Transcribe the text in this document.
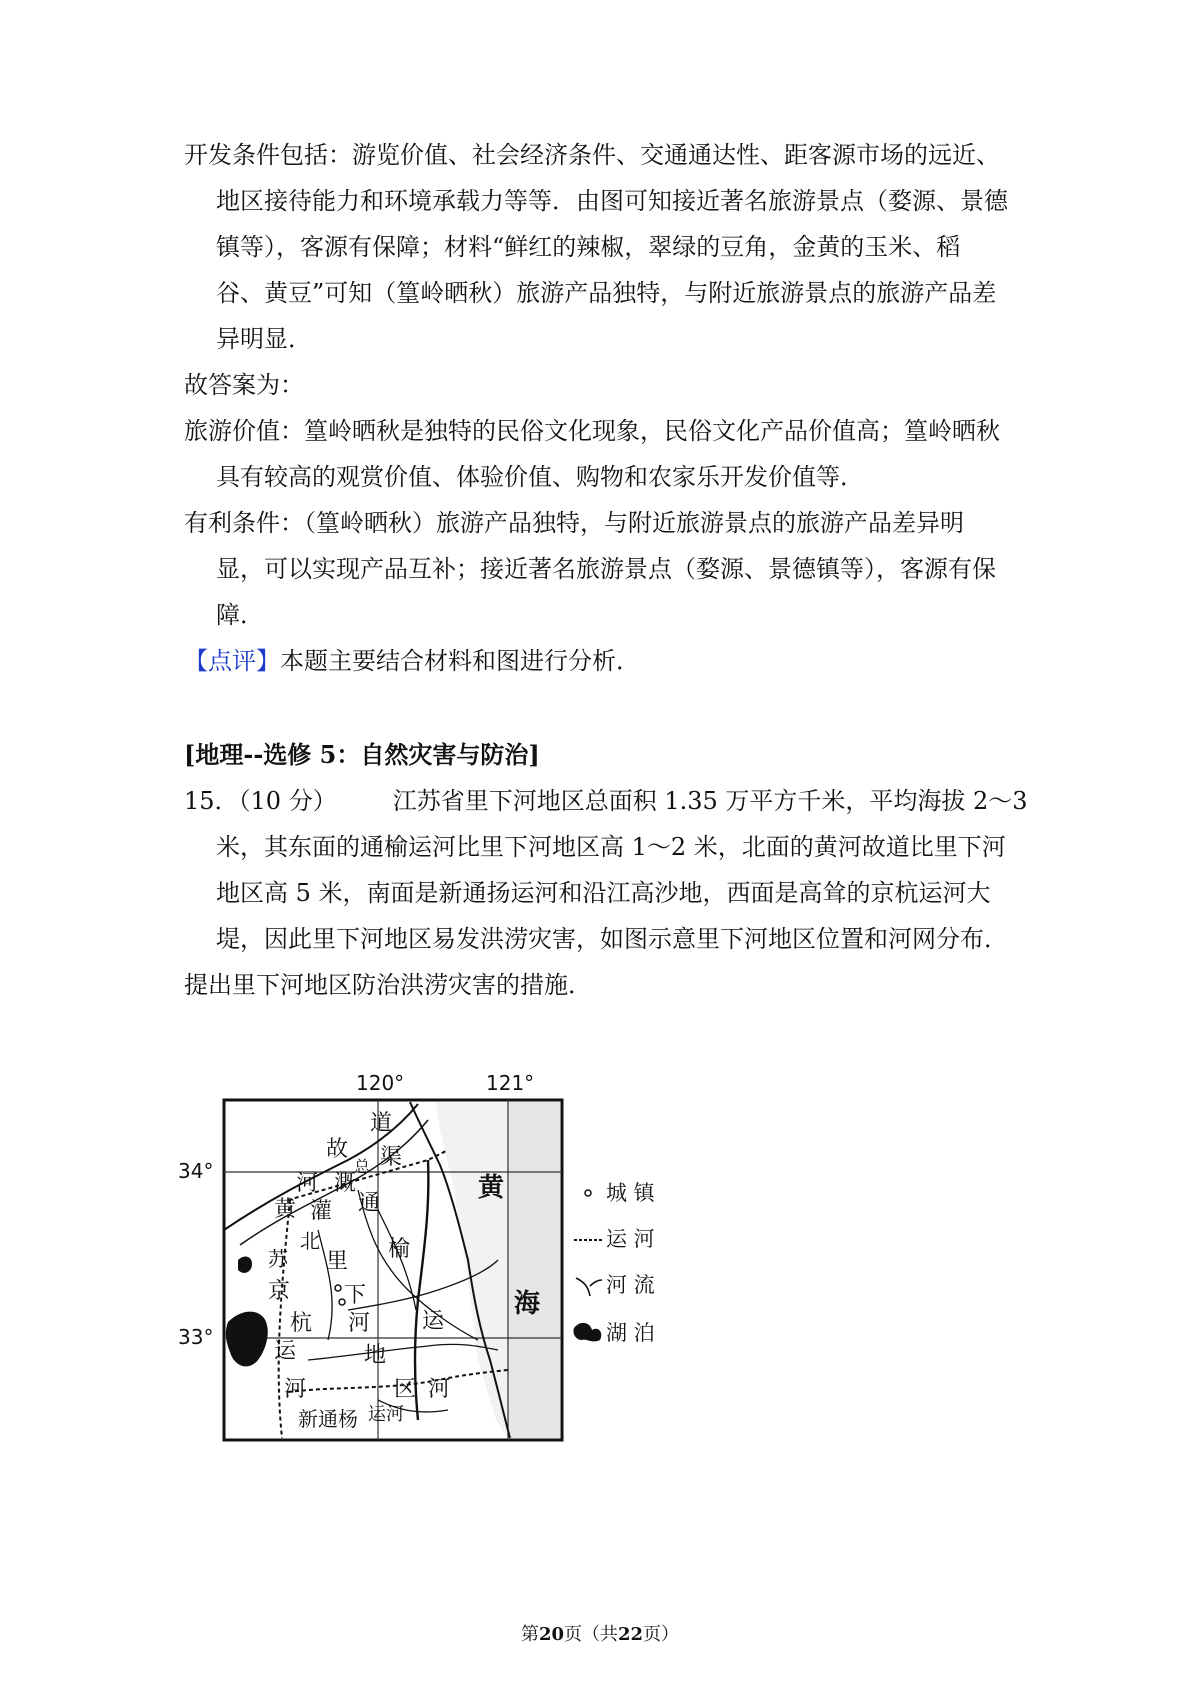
开发条件包括：游览价值、社会经济条件、交通通达性、距客源市场的远近、
地区接待能力和环境承载力等等．由图可知接近著名旅游景点（婺源、景德
镇等），客源有保障；材料“鲜红的辣椒，翠绿的豆角，金黄的玉米、稻
谷、黄豆”可知（篁岭晒秋）旅游产品独特，与附近旅游景点的旅游产品差
异明显．
故答案为：
旅游价值：篁岭晒秋是独特的民俗文化现象，民俗文化产品价值高；篁岭晒秋
具有较高的观赏价值、体验价值、购物和农家乐开发价值等．
有利条件：（篁岭晒秋）旅游产品独特，与附近旅游景点的旅游产品差异明
显，可以实现产品互补；接近著名旅游景点（婺源、景德镇等），客源有保
障．
【点评】本题主要结合材料和图进行分析．
[地理--选修 5：自然灾害与防治]
15．（10 分） 江苏省里下河地区总面积 1.35 万平方千米，平均海拔 2～3
米，其东面的通榆运河比里下河地区高 1～2 米，北面的黄河故道比里下河
地区高 5 米，南面是新通扬运河和沿江高沙地，西面是高耸的京杭运河大
堤，因此里下河地区易发洪涝灾害，如图示意里下河地区位置和河网分布．
提出里下河地区防治洪涝灾害的措施．
120°	121°
34°
33°
道
故 渠
总
河 溉
黄 灌 通
北
苏 里 榆
京 下
杭 河 运
运	地
河	区 河
黄
海
新通杨 运河
城 镇
运 河
河 流
湖 泊
第20页（共22页）
